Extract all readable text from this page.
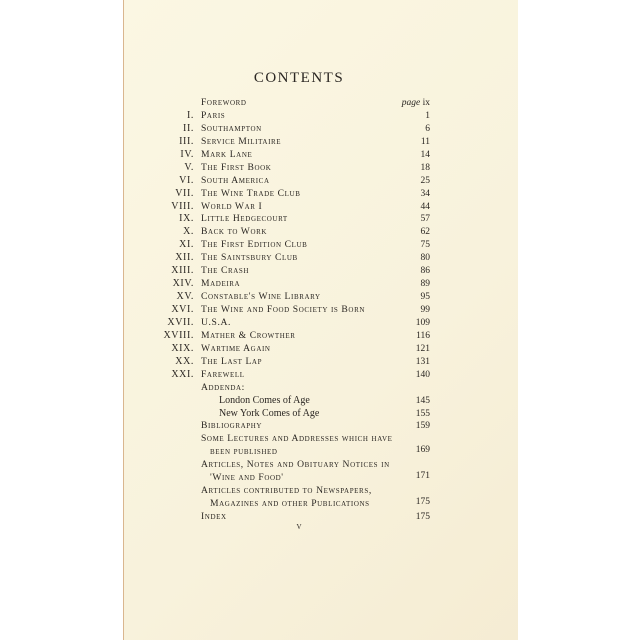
CONTENTS
Foreword	page ix
I. Paris	1
II. Southampton	6
III. Service Militaire	11
IV. Mark Lane	14
V. The First Book	18
VI. South America	25
VII. The Wine Trade Club	34
VIII. World War I	44
IX. Little Hedgecourt	57
X. Back to Work	62
XI. The First Edition Club	75
XII. The Saintsbury Club	80
XIII. The Crash	86
XIV. Madeira	89
XV. Constable's Wine Library	95
XVI. The Wine and Food Society is Born	99
XVII. U.S.A.	109
XVIII. Mather & Crowther	116
XIX. Wartime Again	121
XX. The Last Lap	131
XXI. Farewell	140
Addenda:
London Comes of Age	145
New York Comes of Age	155
Bibliography	159
Some Lectures and Addresses which have
been published	169
Articles, Notes and Obituary Notices in
'Wine and Food'	171
Articles contributed to Newspapers,
Magazines and other Publications	175
Index	175
v
